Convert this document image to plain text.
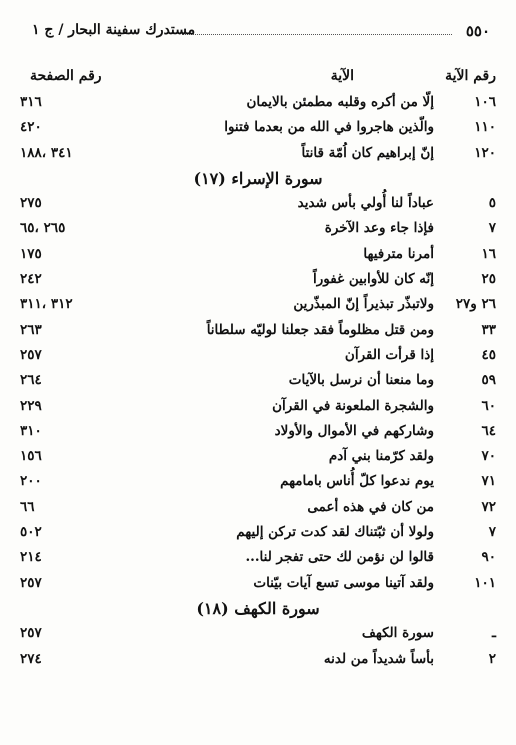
٥٥٠
مستدرك سفينة البحار / ج ١
رقم الآية
الآية
رقم الصفحة
١٠٦
إلّا من أكره وقلبه مطمئن بالايمان
٣١٦
١١٠
والّذين هاجروا في الله من بعدما فتنوا
٤٢٠
١٢٠
إنّ إبراهيم كان اُمّة قانتاً
٣٤١ ،١٨٨
سورة الإسراء (١٧)
٥
عباداً لنا أُولي بأس شديد
٢٧٥
٧
فإذا جاء وعد الآخرة
٢٦٥ ،٦٥
١٦
أمرنا مترفيها
١٧٥
٢٥
إنّه كان للأوابين غفوراً
٢٤٢
٢٦ و٢٧
ولاتبذّر تبذيراً إنّ المبذّرين
٣١٢ ،٣١١
٣٣
ومن قتل مظلوماً فقد جعلنا لوليّه سلطاناً
٢٦٣
٤٥
إذا قرأت القرآن
٢٥٧
٥٩
وما منعنا أن نرسل بالآيات
٢٦٤
٦٠
والشجرة الملعونة في القرآن
٢٢٩
٦٤
وشاركهم في الأموال والأولاد
٣١٠
٧٠
ولقد كرّمنا بني آدم
١٥٦
٧١
يوم ندعوا كلّ أُناس بامامهم
٢٠٠
٧٢
من كان في هذه أعمى
٦٦
٧
ولولا أن ثبّتناك لقد كدت تركن إليهم
٥٠٢
٩٠
قالوا لن نؤمن لك حتى تفجر لنا...
٢١٤
١٠١
ولقد آتينا موسى تسع آيات بيّنات
٢٥٧
سورة الكهف (١٨)
ـ
سورة الكهف
٢٥٧
٢
بأساً شديداً من لدنه
٢٧٤
